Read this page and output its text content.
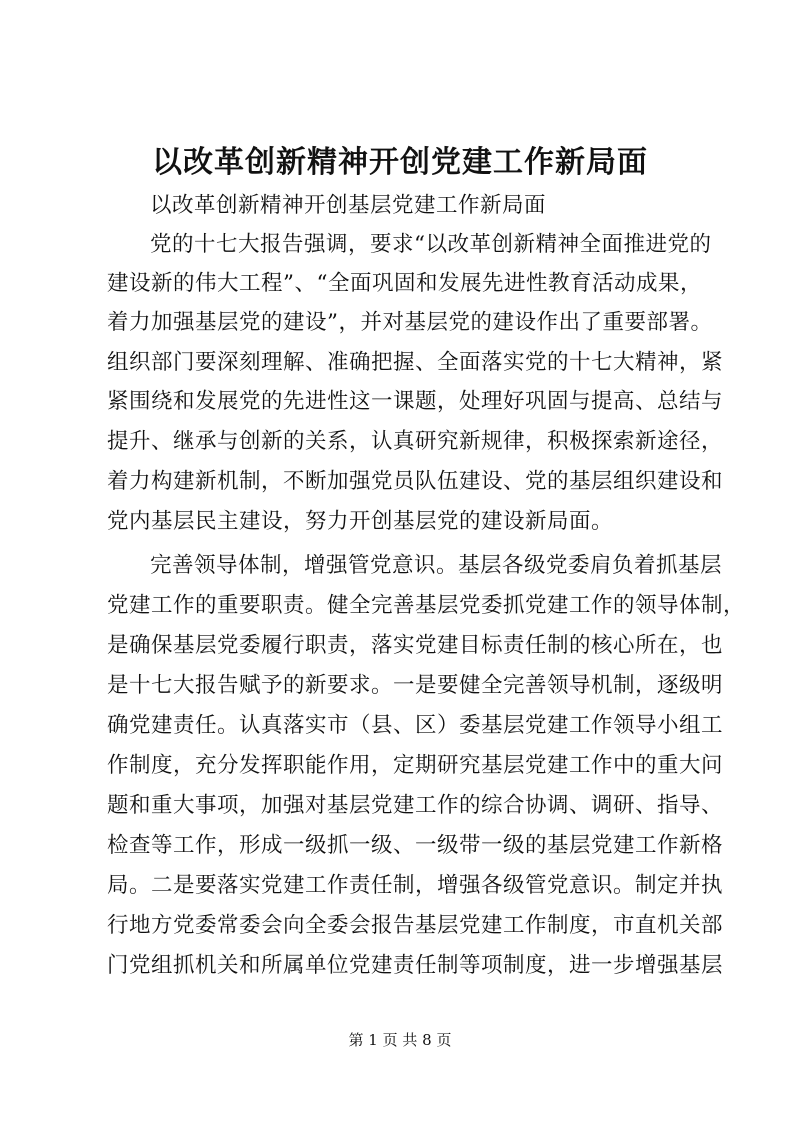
以改革创新精神开创党建工作新局面
以改革创新精神开创基层党建工作新局面
党的十七大报告强调，要求“以改革创新精神全面推进党的
建设新的伟大工程”、“全面巩固和发展先进性教育活动成果，
着力加强基层党的建设”，并对基层党的建设作出了重要部署。
组织部门要深刻理解、准确把握、全面落实党的十七大精神，紧
紧围绕和发展党的先进性这一课题，处理好巩固与提高、总结与
提升、继承与创新的关系，认真研究新规律，积极探索新途径，
着力构建新机制，不断加强党员队伍建设、党的基层组织建设和
党内基层民主建设，努力开创基层党的建设新局面。
完善领导体制，增强管党意识。基层各级党委肩负着抓基层
党建工作的重要职责。健全完善基层党委抓党建工作的领导体制，
是确保基层党委履行职责，落实党建目标责任制的核心所在，也
是十七大报告赋予的新要求。一是要健全完善领导机制，逐级明
确党建责任。认真落实市（县、区）委基层党建工作领导小组工
作制度，充分发挥职能作用，定期研究基层党建工作中的重大问
题和重大事项，加强对基层党建工作的综合协调、调研、指导、
检查等工作，形成一级抓一级、一级带一级的基层党建工作新格
局。二是要落实党建工作责任制，增强各级管党意识。制定并执
行地方党委常委会向全委会报告基层党建工作制度，市直机关部
门党组抓机关和所属单位党建责任制等项制度，进一步增强基层
第 1 页 共 8 页
